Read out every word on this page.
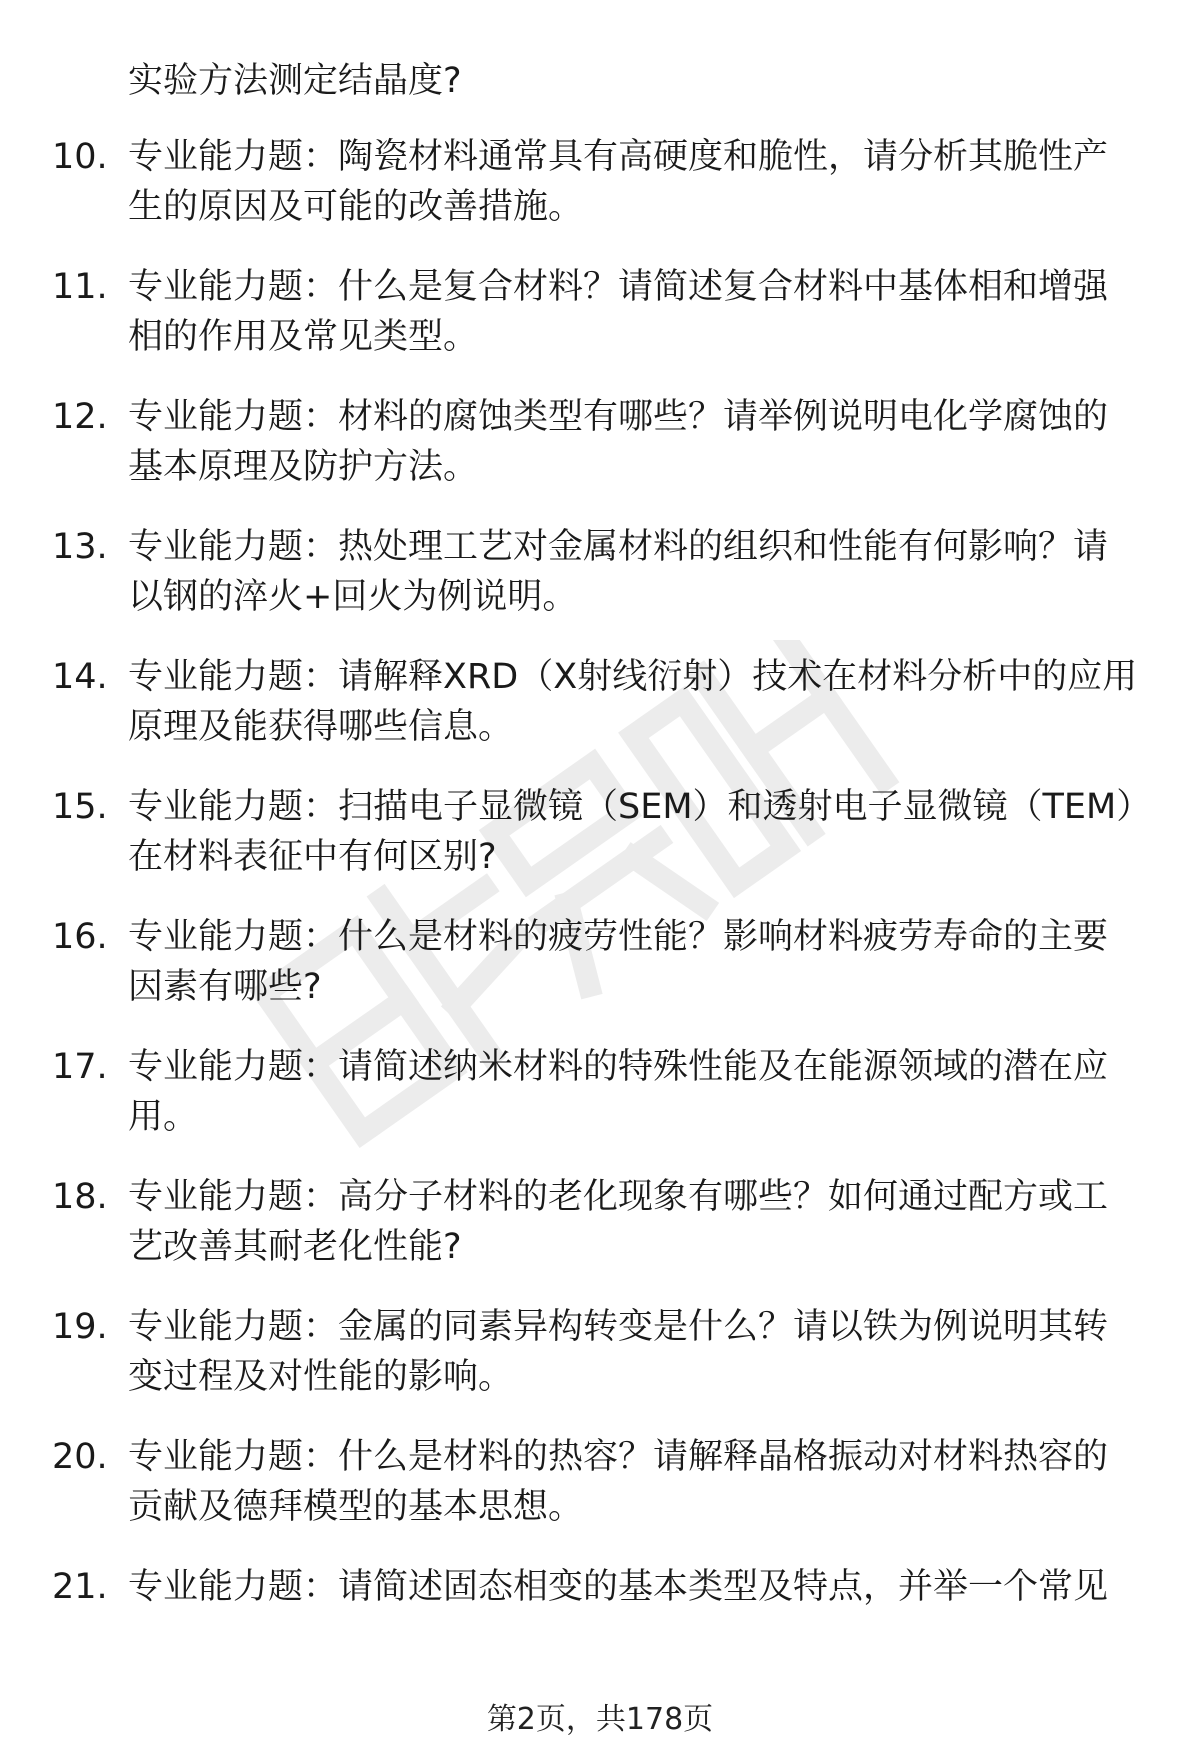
实验方法测定结晶度?
10. 专业能力题：陶瓷材料通常具有高硬度和脆性，请分析其脆性产生的原因及可能的改善措施。
11. 专业能力题：什么是复合材料？请简述复合材料中基体相和增强相的作用及常见类型。
12. 专业能力题：材料的腐蚀类型有哪些？请举例说明电化学腐蚀的基本原理及防护方法。
13. 专业能力题：热处理工艺对金属材料的组织和性能有何影响？请以钢的淬火+回火为例说明。
14. 专业能力题：请解释XRD（X射线衍射）技术在材料分析中的应用原理及能获得哪些信息。
15. 专业能力题：扫描电子显微镜（SEM）和透射电子显微镜（TEM）在材料表征中有何区别?
16. 专业能力题：什么是材料的疲劳性能？影响材料疲劳寿命的主要因素有哪些?
17. 专业能力题：请简述纳米材料的特殊性能及在能源领域的潜在应用。
18. 专业能力题：高分子材料的老化现象有哪些？如何通过配方或工艺改善其耐老化性能?
19. 专业能力题：金属的同素异构转变是什么？请以铁为例说明其转变过程及对性能的影响。
20. 专业能力题：什么是材料的热容？请解释晶格振动对材料热容的贡献及德拜模型的基本思想。
21. 专业能力题：请简述固态相变的基本类型及特点，并举一个常见
第2页，共178页
